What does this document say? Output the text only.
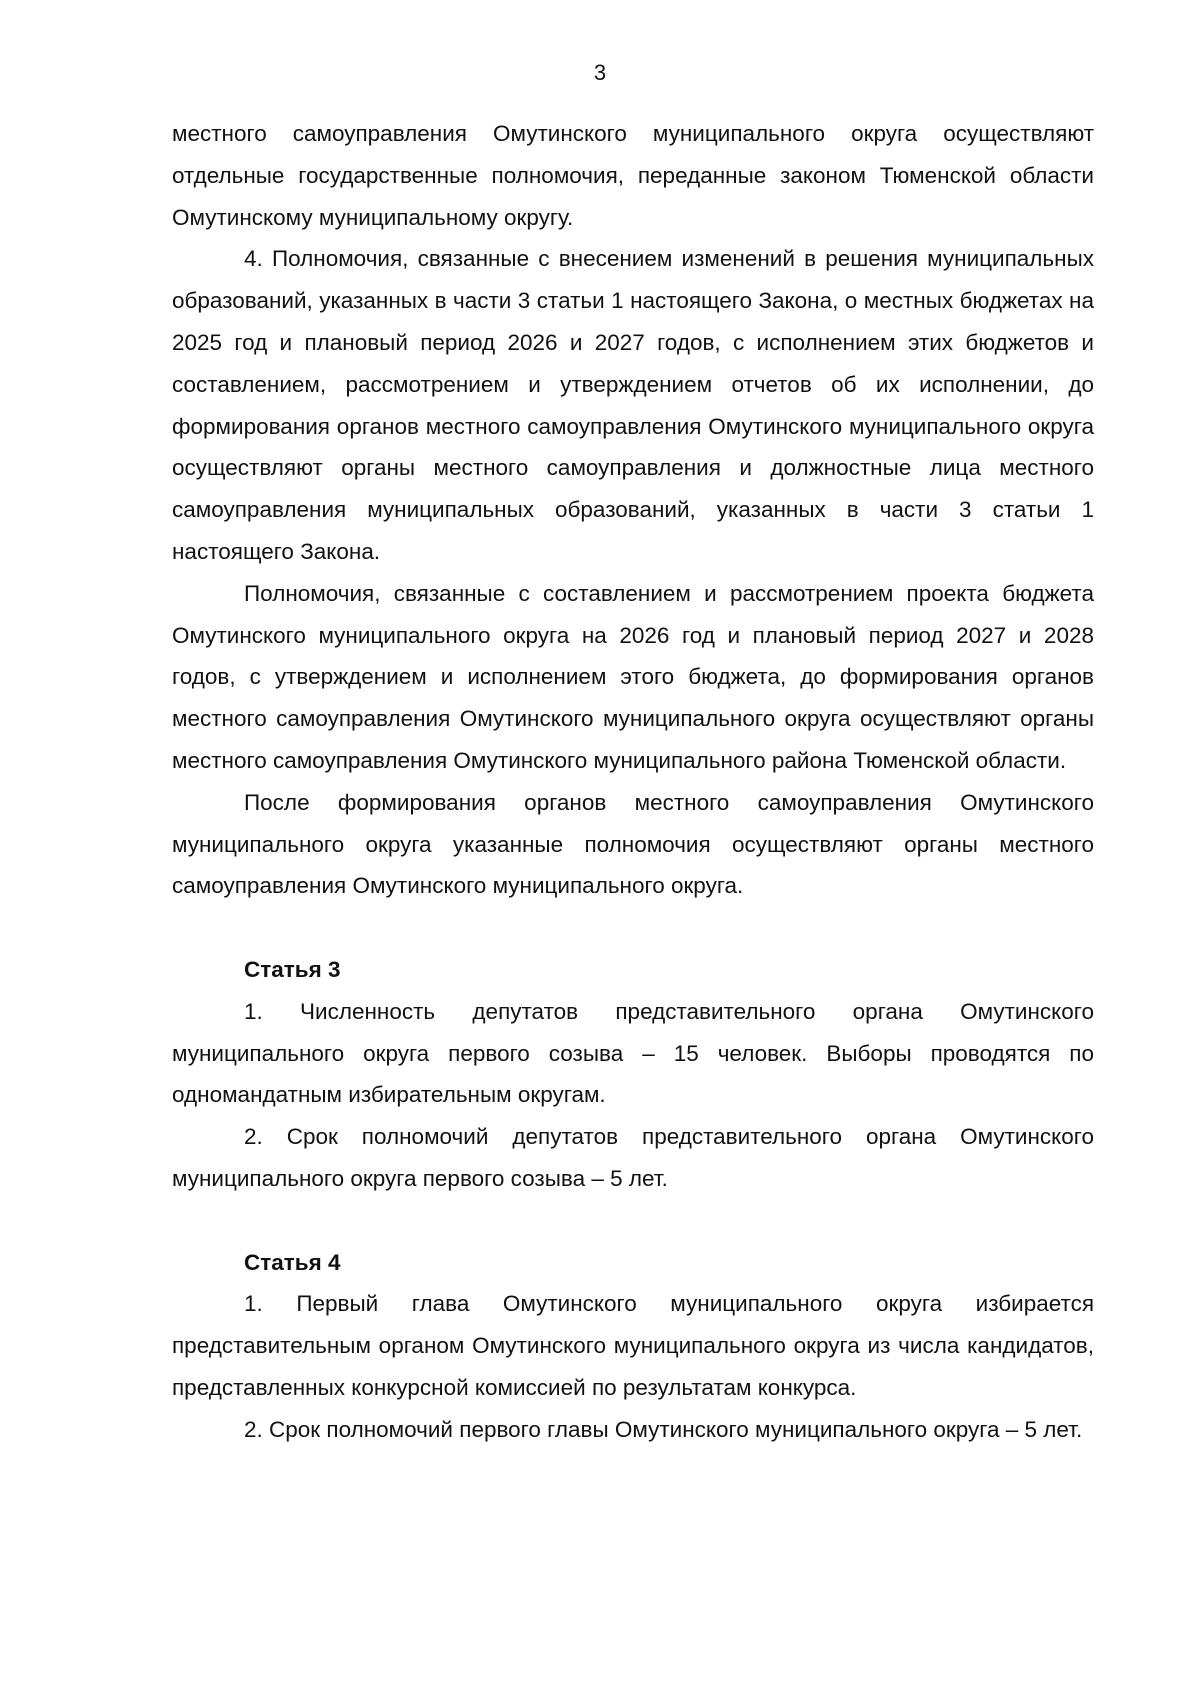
3

местного самоуправления Омутинского муниципального округа осуществляют отдельные государственные полномочия, переданные законом Тюменской области Омутинскому муниципальному округу.

4. Полномочия, связанные с внесением изменений в решения муниципальных образований, указанных в части 3 статьи 1 настоящего Закона, о местных бюджетах на 2025 год и плановый период 2026 и 2027 годов, с исполнением этих бюджетов и составлением, рассмотрением и утверждением отчетов об их исполнении, до формирования органов местного самоуправления Омутинского муниципального округа осуществляют органы местного самоуправления и должностные лица местного самоуправления муниципальных образований, указанных в части 3 статьи 1 настоящего Закона.

Полномочия, связанные с составлением и рассмотрением проекта бюджета Омутинского муниципального округа на 2026 год и плановый период 2027 и 2028 годов, с утверждением и исполнением этого бюджета, до формирования органов местного самоуправления Омутинского муниципального округа осуществляют органы местного самоуправления Омутинского муниципального района Тюменской области.

После формирования органов местного самоуправления Омутинского муниципального округа указанные полномочия осуществляют органы местного самоуправления Омутинского муниципального округа.

Статья 3

1. Численность депутатов представительного органа Омутинского муниципального округа первого созыва – 15 человек. Выборы проводятся по одномандатным избирательным округам.

2. Срок полномочий депутатов представительного органа Омутинского муниципального округа первого созыва – 5 лет.

Статья 4

1. Первый глава Омутинского муниципального округа избирается представительным органом Омутинского муниципального округа из числа кандидатов, представленных конкурсной комиссией по результатам конкурса.

2. Срок полномочий первого главы Омутинского муниципального округа – 5 лет.
